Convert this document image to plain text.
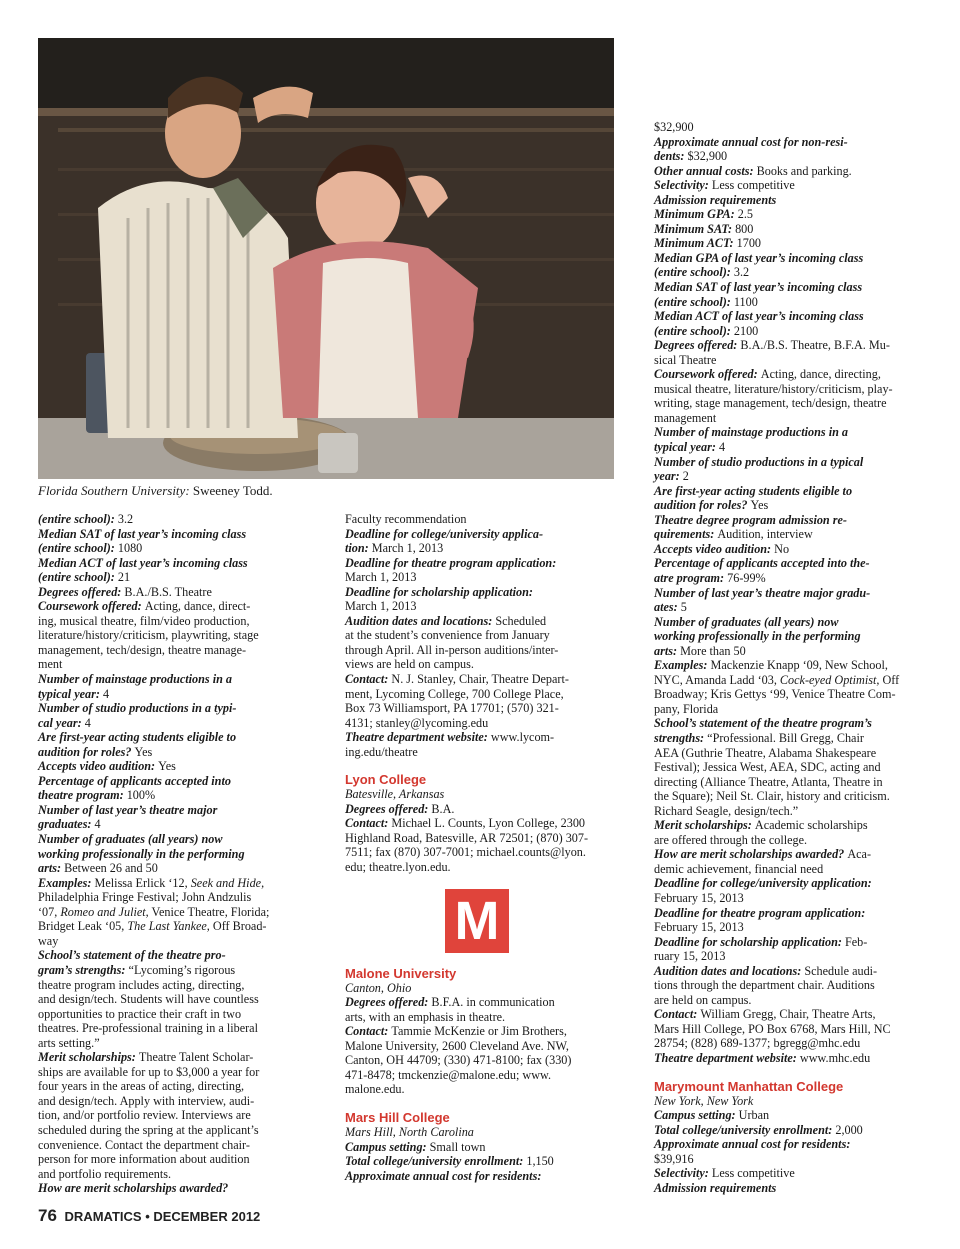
Florida Southern University: Sweeney Todd.
(entire school): 3.2
Median SAT of last year’s incoming class
(entire school): 1080
Median ACT of last year’s incoming class
(entire school): 21
Degrees offered: B.A./B.S. Theatre
Coursework offered: Acting, dance, direct-
ing, musical theatre, film/video production,
literature/history/criticism, playwriting, stage
management, tech/design, theatre manage-
ment
Number of mainstage productions in a
typical year: 4
Number of studio productions in a typi-
cal year: 4
Are first-year acting students eligible to
audition for roles? Yes
Accepts video audition: Yes
Percentage of applicants accepted into
theatre program: 100%
Number of last year’s theatre major
graduates: 4
Number of graduates (all years) now
working professionally in the performing
arts: Between 26 and 50
Examples: Melissa Erlick ‘12, Seek and Hide,
Philadelphia Fringe Festival; John Andzulis
‘07, Romeo and Juliet, Venice Theatre, Florida;
Bridget Leak ‘05, The Last Yankee, Off Broad-
way
School’s statement of the theatre pro-
gram’s strengths: “Lycoming’s rigorous
theatre program includes acting, directing,
and design/tech. Students will have countless
opportunities to practice their craft in two
theatres. Pre-professional training in a liberal
arts setting.”
Merit scholarships: Theatre Talent Scholar-
ships are available for up to $3,000 a year for
four years in the areas of acting, directing,
and design/tech. Apply with interview, audi-
tion, and/or portfolio review. Interviews are
scheduled during the spring at the applicant’s
convenience. Contact the department chair-
person for more information about audition
and portfolio requirements.
How are merit scholarships awarded?
Faculty recommendation
Deadline for college/university applica-
tion: March 1, 2013
Deadline for theatre program application:
March 1, 2013
Deadline for scholarship application:
March 1, 2013
Audition dates and locations: Scheduled
at the student’s convenience from January
through April. All in-person auditions/inter-
views are held on campus.
Contact: N. J. Stanley, Chair, Theatre Depart-
ment, Lycoming College, 700 College Place,
Box 73 Williamsport, PA 17701; (570) 321-
4131; stanley@lycoming.edu
Theatre department website: www.lycom-
ing.edu/theatre
Lyon College
Batesville, Arkansas
Degrees offered: B.A.
Contact: Michael L. Counts, Lyon College, 2300
Highland Road, Batesville, AR 72501; (870) 307-
7511; fax (870) 307-7001; michael.counts@lyon.
edu; theatre.lyon.edu.
M
Malone University
Canton, Ohio
Degrees offered: B.F.A. in communication
arts, with an emphasis in theatre.
Contact: Tammie McKenzie or Jim Brothers,
Malone University, 2600 Cleveland Ave. NW,
Canton, OH 44709; (330) 471-8100; fax (330)
471-8478; tmckenzie@malone.edu; www.
malone.edu.
Mars Hill College
Mars Hill, North Carolina
Campus setting: Small town
Total college/university enrollment: 1,150
Approximate annual cost for residents:
$32,900
Approximate annual cost for non-resi-
dents: $32,900
Other annual costs: Books and parking.
Selectivity: Less competitive
Admission requirements
Minimum GPA: 2.5
Minimum SAT: 800
Minimum ACT: 1700
Median GPA of last year’s incoming class
(entire school): 3.2
Median SAT of last year’s incoming class
(entire school): 1100
Median ACT of last year’s incoming class
(entire school): 2100
Degrees offered: B.A./B.S. Theatre, B.F.A. Mu-
sical Theatre
Coursework offered: Acting, dance, directing,
musical theatre, literature/history/criticism, play-
writing, stage management, tech/design, theatre
management
Number of mainstage productions in a
typical year: 4
Number of studio productions in a typical
year: 2
Are first-year acting students eligible to
audition for roles? Yes
Theatre degree program admission re-
quirements: Audition, interview
Accepts video audition: No
Percentage of applicants accepted into the-
atre program: 76-99%
Number of last year’s theatre major gradu-
ates: 5
Number of graduates (all years) now
working professionally in the performing
arts: More than 50
Examples: Mackenzie Knapp ‘09, New School,
NYC, Amanda Ladd ‘03, Cock-eyed Optimist, Off
Broadway; Kris Gettys ‘99, Venice Theatre Com-
pany, Florida
School’s statement of the theatre program’s
strengths: “Professional. Bill Gregg, Chair
AEA (Guthrie Theatre, Alabama Shakespeare
Festival); Jessica West, AEA, SDC, acting and
directing (Alliance Theatre, Atlanta, Theatre in
the Square); Neil St. Clair, history and criticism.
Richard Seagle, design/tech.”
Merit scholarships: Academic scholarships
are offered through the college.
How are merit scholarships awarded? Aca-
demic achievement, financial need
Deadline for college/university application:
February 15, 2013
Deadline for theatre program application:
February 15, 2013
Deadline for scholarship application: Feb-
ruary 15, 2013
Audition dates and locations: Schedule audi-
tions through the department chair. Auditions
are held on campus.
Contact: William Gregg, Chair, Theatre Arts,
Mars Hill College, PO Box 6768, Mars Hill, NC
28754; (828) 689-1377; bgregg@mhc.edu
Theatre department website: www.mhc.edu
Marymount Manhattan College
New York, New York
Campus setting: Urban
Total college/university enrollment: 2,000
Approximate annual cost for residents:
$39,916
Selectivity: Less competitive
Admission requirements
76 DRAMATICS • DECEMBER 2012
